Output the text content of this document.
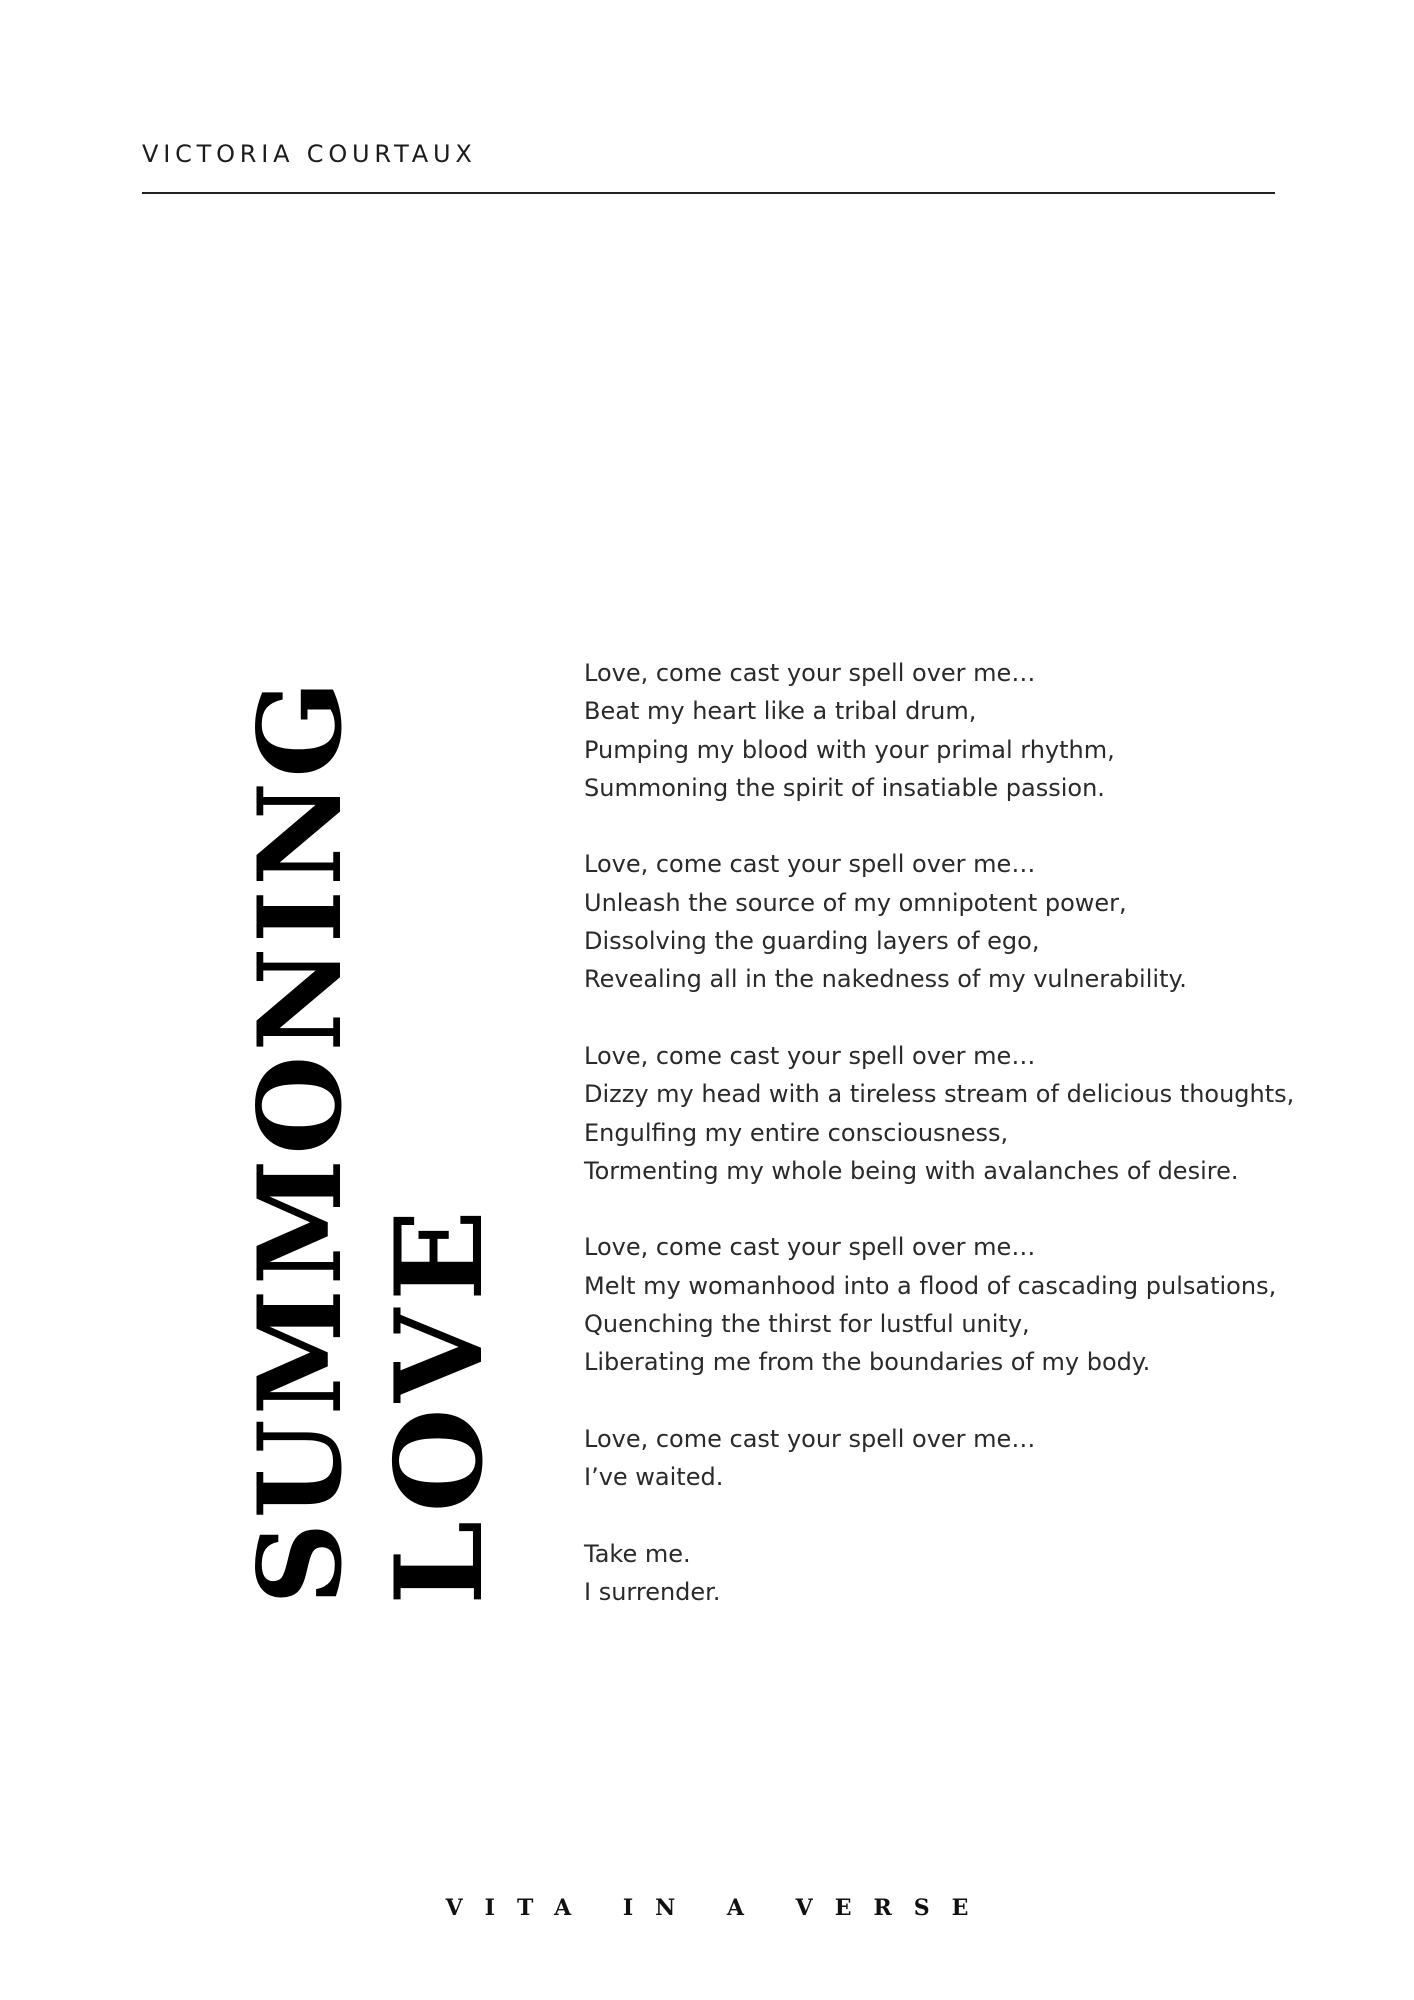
VICTORIA COURTAUX
SUMMONING LOVE
Love, come cast your spell over me…
Beat my heart like a tribal drum,
Pumping my blood with your primal rhythm,
Summoning the spirit of insatiable passion.
Love, come cast your spell over me…
Unleash the source of my omnipotent power,
Dissolving the guarding layers of ego,
Revealing all in the nakedness of my vulnerability.
Love, come cast your spell over me…
Dizzy my head with a tireless stream of delicious thoughts,
Engulfing my entire consciousness,
Tormenting my whole being with avalanches of desire.
Love, come cast your spell over me…
Melt my womanhood into a flood of cascading pulsations,
Quenching the thirst for lustful unity,
Liberating me from the boundaries of my body.
Love, come cast your spell over me…
I’ve waited.
Take me.
I surrender.

VITA IN A VERSE
